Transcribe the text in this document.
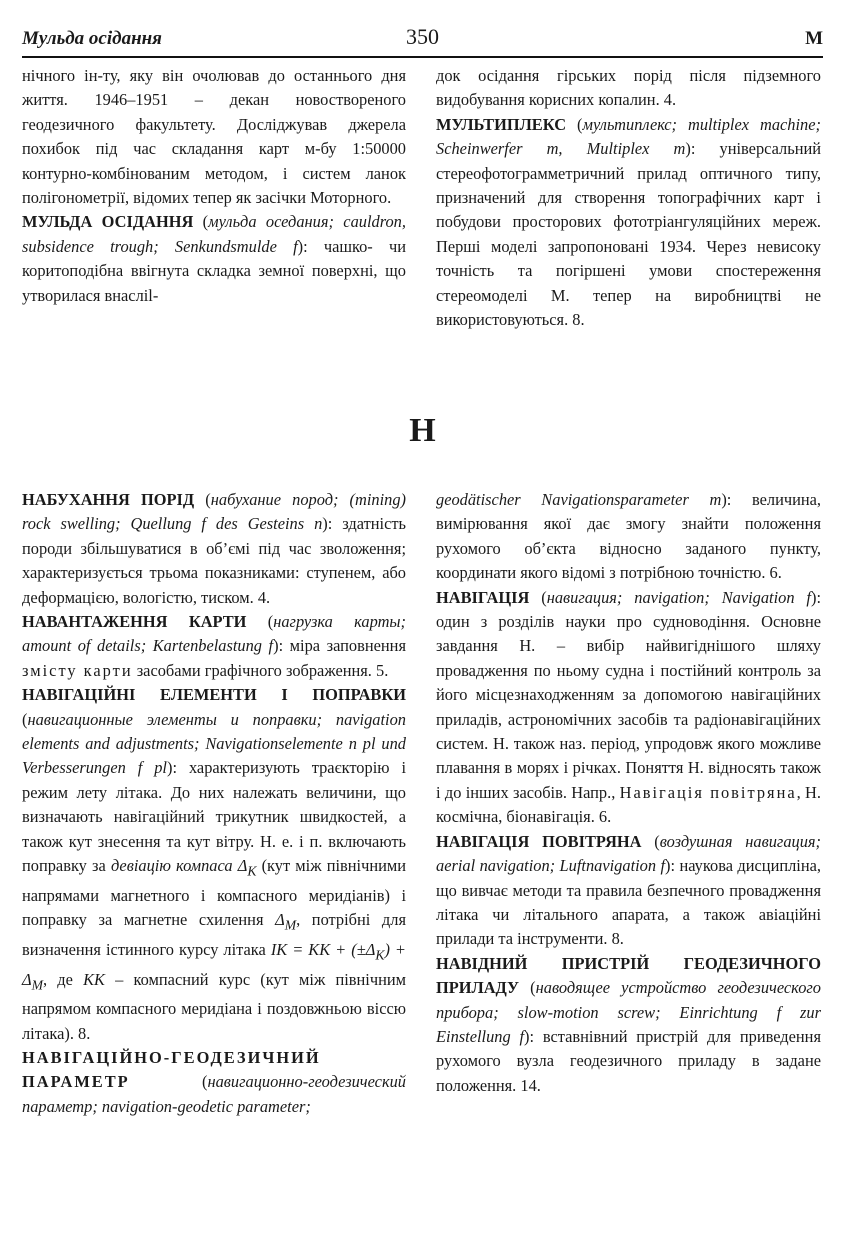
Мульда осідання	350	М

нічного ін-ту, яку він очолював до останнього дня життя. 1946–1951 – декан новоствореного геодезичного факультету. Досліджував джерела похибок під час складання карт м-бу 1:50000 контурно-комбінованим методом, і систем ланок полігонометрії, відомих тепер як засічки Моторного.

МУЛЬДА ОСІДАННЯ (мульда оседания; cauldron, subsidence trough; Senkundsmulde f): чашко- чи коритоподібна ввігнута складка земної поверхні, що утворилася внасліl-

док осідання гірських порід після підземного видобування корисних копалин. 4.

МУЛЬТИПЛЕКС (мультиплекс; multiplex machine; Scheinwerfer m, Multiplex m): універсальний стереофотограмметричний прилад оптичного типу, призначений для створення топографічних карт і побудови просторових фототріангуляційних мереж. Перші моделі запропоновані 1934. Через невисоку точність та погіршені умови спостереження стереомоделі М. тепер на виробництві не використовуються. 8.

Н

НАБУХАННЯ ПОРІД (набухание пород; (mining) rock swelling; Quellung f des Gesteins n): здатність породи збільшуватися в об’ємі під час зволоження; характеризується трьома показниками: ступенем, або деформацією, вологістю, тиском. 4.

НАВАНТАЖЕННЯ КАРТИ (нагрузка карты; amount of details; Kartenbelastung f): міра заповнення змісту карти засобами графічного зображення. 5.

НАВІГАЦІЙНІ ЕЛЕМЕНТИ І ПОПРАВКИ (навигационные элементы и поправки; navigation elements and adjustments; Navigationselemente n pl und Verbesserungen f pl): характеризують траєкторію і режим лету літака. До них належать величини, що визначають навігаційний трикутник швидкостей, а також кут знесення та кут вітру. Н. е. і п. включають поправку за девіацію компаса $\Delta_K$ (кут між північними напрямами магнетного і компасного меридіанів) і поправку за магнетне схилення $\Delta_M$, потрібні для визначення істинного курсу літака IK = KK + $(\pm\Delta_K) + \Delta_M$, де KK – компасний курс (кут між північним напрямом компасного меридіана і поздовжньою віссю літака). 8.

НАВІГАЦІЙНО-ГЕОДЕЗИЧНИЙ ПАРАМЕТР (навигационно-геодезический параметр; navigation-geodetic parameter;

geodätischer Navigationsparameter m): величина, вимірювання якої дає змогу знайти положення рухомого об’єкта відносно заданого пункту, координати якого відомі з потрібною точністю. 6.

НАВІГАЦІЯ (навигация; navigation; Navigation f): один з розділів науки про судноводіння. Основне завдання Н. – вибір найвигіднішого шляху провадження по ньому судна і постійний контроль за його місцезнаходженням за допомогою навігаційних приладів, астрономічних засобів та радіонавігаційних систем. Н. також наз. період, упродовж якого можливе плавання в морях і річках. Поняття Н. відносять також і до інших засобів. Напр., Навігація повітряна, Н. космічна, біонавігація. 6.

НАВІГАЦІЯ ПОВІТРЯНА (воздушная навигация; aerial navigation; Luftnavigation f): наукова дисципліна, що вивчає методи та правила безпечного провадження літака чи літального апарата, а також авіаційні прилади та інструменти. 8.

НАВІДНИЙ ПРИСТРІЙ ГЕОДЕЗИЧНОГО ПРИЛАДУ (наводящее устройство геодезического прибора; slow-motion screw; Einrichtung f zur Einstellung f): вставнівний пристрій для приведення рухомого вузла геодезичного приладу в задане положення. 14.
